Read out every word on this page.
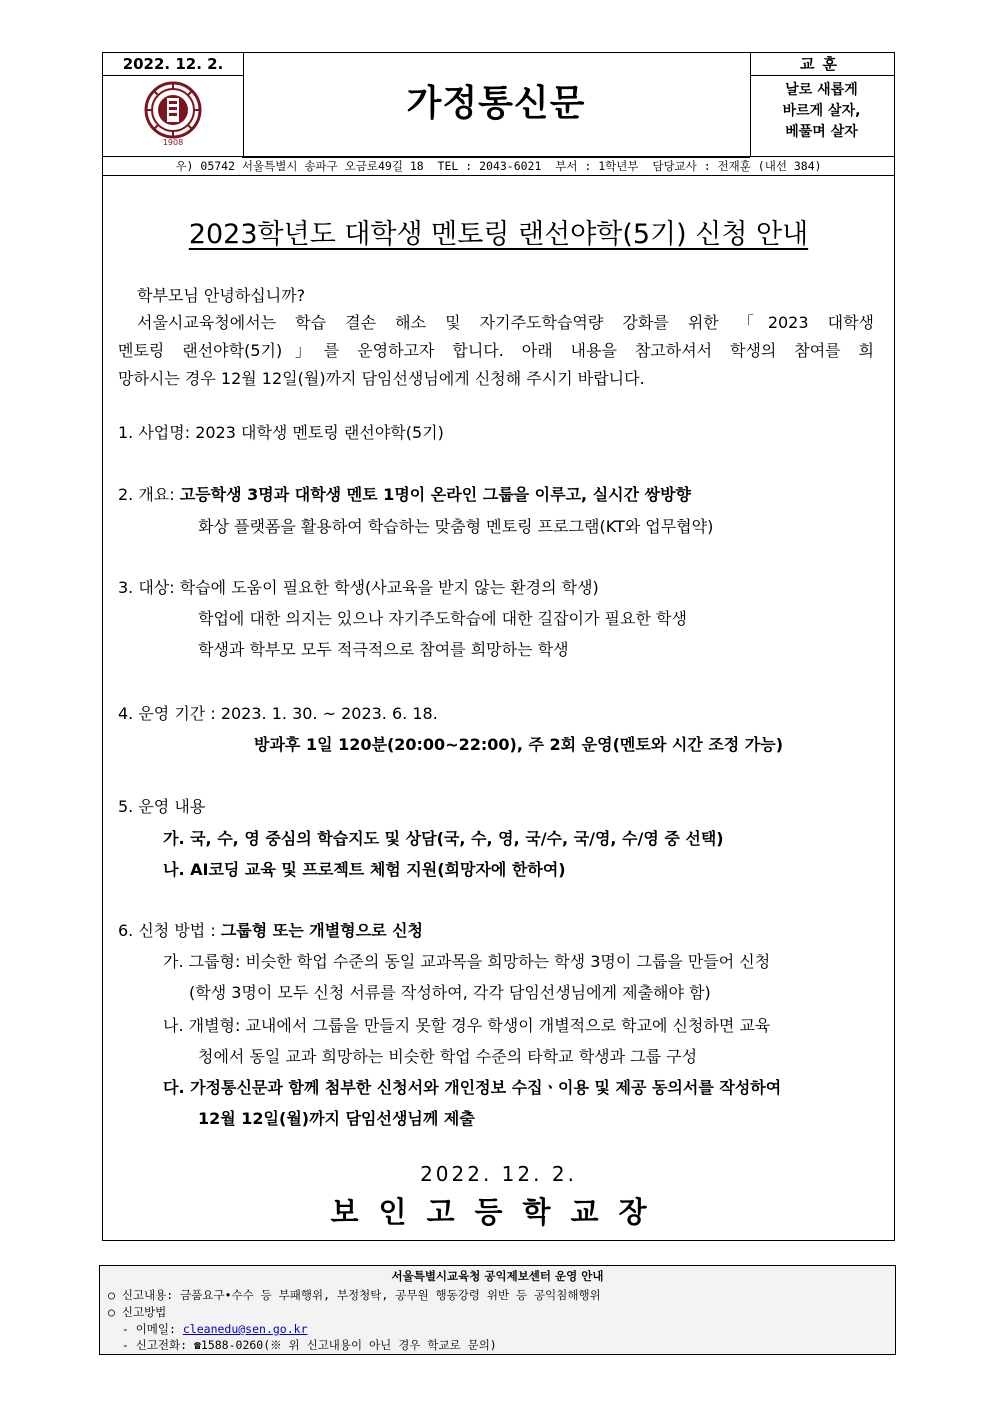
2022. 12. 2.
1908
가정통신문
교훈
날로 새롭게
바르게 살자,
베풀며 살자
우) 05742 서울특별시 송파구 오금로49길 18  TEL : 2043-6021  부서 : 1학년부  담당교사 : 전재훈 (내선 384)
2023학년도 대학생 멘토링 랜선야학(5기) 신청 안내
학부모님 안녕하십니까?
서울시교육청에서는 학습 결손 해소 및 자기주도학습역량 강화를 위한 「2023 대학생
멘토링 랜선야학(5기)」를 운영하고자 합니다. 아래 내용을 참고하셔서 학생의 참여를 희
망하시는 경우 12월 12일(월)까지 담임선생님에게 신청해 주시기 바랍니다.
1. 사업명: 2023 대학생 멘토링 랜선야학(5기)
2. 개요: 고등학생 3명과 대학생 멘토 1명이 온라인 그룹을 이루고, 실시간 쌍방향
화상 플랫폼을 활용하여 학습하는 맞춤형 멘토링 프로그램(KT와 업무협약)
3. 대상: 학습에 도움이 필요한 학생(사교육을 받지 않는 환경의 학생)
학업에 대한 의지는 있으나 자기주도학습에 대한 길잡이가 필요한 학생
학생과 학부모 모두 적극적으로 참여를 희망하는 학생
4. 운영 기간 : 2023. 1. 30. ~ 2023. 6. 18.
방과후 1일 120분(20:00~22:00), 주 2회 운영(멘토와 시간 조정 가능)
5. 운영 내용
가. 국, 수, 영 중심의 학습지도 및 상담(국, 수, 영, 국/수, 국/영, 수/영 중 선택)
나. AI코딩 교육 및 프로젝트 체험 지원(희망자에 한하여)
6. 신청 방법 : 그룹형 또는 개별형으로 신청
가. 그룹형: 비슷한 학업 수준의 동일 교과목을 희망하는 학생 3명이 그룹을 만들어 신청
(학생 3명이 모두 신청 서류를 작성하여, 각각 담임선생님에게 제출해야 함)
나. 개별형: 교내에서 그룹을 만들지 못할 경우 학생이 개별적으로 학교에 신청하면 교육
청에서 동일 교과 희망하는 비슷한 학업 수준의 타학교 학생과 그룹 구성
다. 가정통신문과 함께 첨부한 신청서와 개인정보 수집ㆍ이용 및 제공 동의서를 작성하여
12월 12일(월)까지 담임선생님께 제출
2022. 12. 2.
보인고등학교장
서울특별시교육청 공익제보센터 운영 안내
○ 신고내용: 금품요구•수수 등 부패행위, 부정청탁, 공무원 행동강령 위반 등 공익침해행위
○ 신고방법
- 이메일: cleanedu@sen.go.kr
- 신고전화: ☎1588-0260(※ 위 신고내용이 아닌 경우 학교로 문의)
